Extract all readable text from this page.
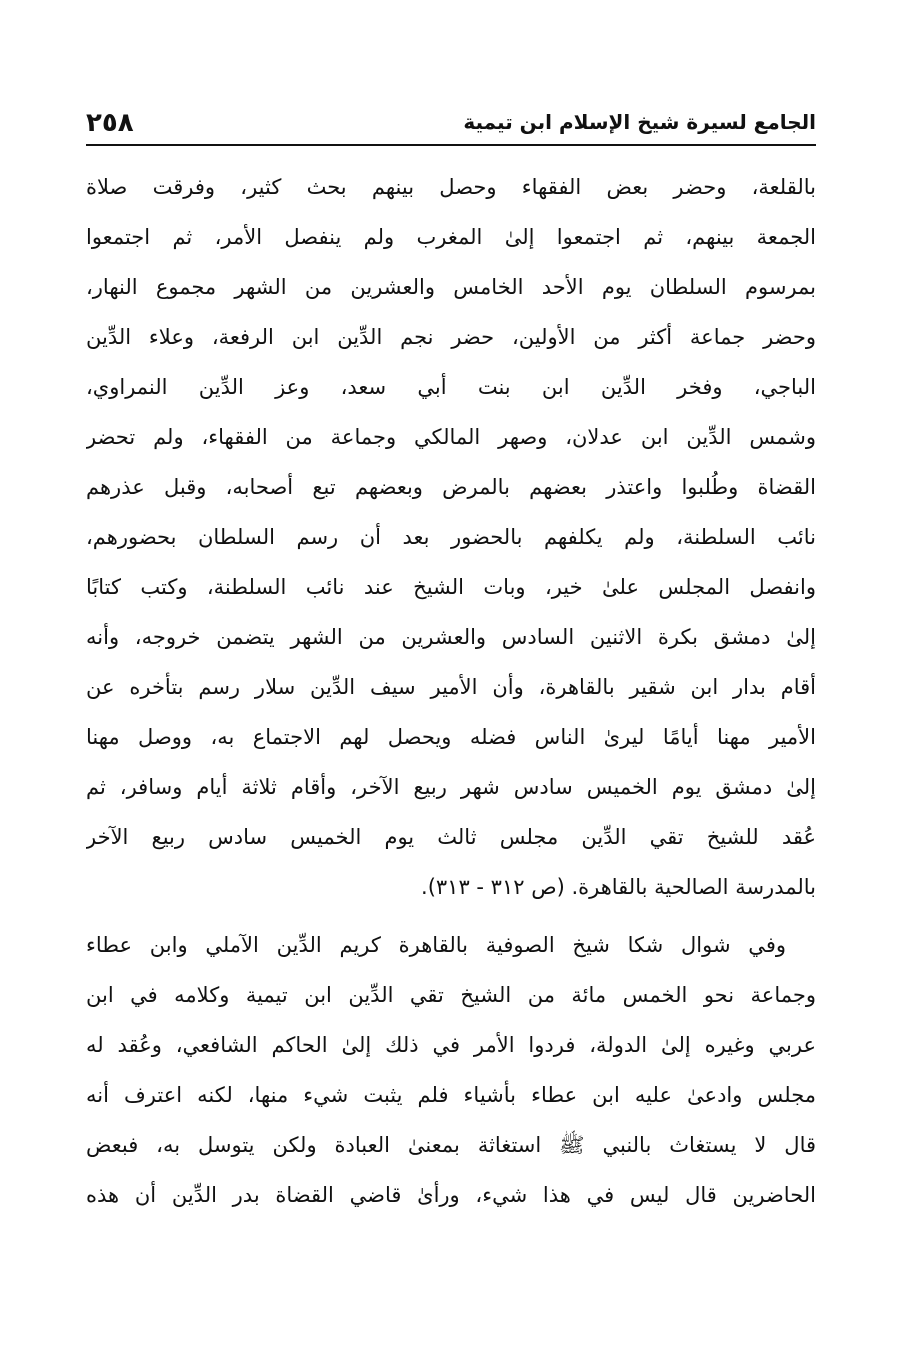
الجامع لسيرة شيخ الإسلام ابن تيمية
٢٥٨
بالقلعة، وحضر بعض الفقهاء وحصل بينهم بحث كثير، وفرقت صلاة
الجمعة بينهم، ثم اجتمعوا إلىٰ المغرب ولم ينفصل الأمر، ثم اجتمعوا
بمرسوم السلطان يوم الأحد الخامس والعشرين من الشهر مجموع النهار،
وحضر جماعة أكثر من الأولين، حضر نجم الدِّين ابن الرفعة، وعلاء الدِّين
الباجي، وفخر الدِّين ابن بنت أبي سعد، وعز الدِّين النمراوي،
وشمس الدِّين ابن عدلان، وصهر المالكي وجماعة من الفقهاء، ولم تحضر
القضاة وطُلبوا واعتذر بعضهم بالمرض وبعضهم تبع أصحابه، وقبل عذرهم
نائب السلطنة، ولم يكلفهم بالحضور بعد أن رسم السلطان بحضورهم،
وانفصل المجلس علىٰ خير، وبات الشيخ عند نائب السلطنة، وكتب كتابًا
إلىٰ دمشق بكرة الاثنين السادس والعشرين من الشهر يتضمن خروجه، وأنه
أقام بدار ابن شقير بالقاهرة، وأن الأمير سيف الدِّين سلار رسم بتأخره عن
الأمير مهنا أيامًا ليرىٰ الناس فضله ويحصل لهم الاجتماع به، ووصل مهنا
إلىٰ دمشق يوم الخميس سادس شهر ربيع الآخر، وأقام ثلاثة أيام وسافر، ثم
عُقد للشيخ تقي الدِّين مجلس ثالث يوم الخميس سادس ربيع الآخر
بالمدرسة الصالحية بالقاهرة. (ص ٣١٢ - ٣١٣).
وفي شوال شكا شيخ الصوفية بالقاهرة كريم الدِّين الآملي وابن عطاء
وجماعة نحو الخمس مائة من الشيخ تقي الدِّين ابن تيمية وكلامه في ابن
عربي وغيره إلىٰ الدولة، فردوا الأمر في ذلك إلىٰ الحاكم الشافعي، وعُقد له
مجلس وادعىٰ عليه ابن عطاء بأشياء فلم يثبت شيء منها، لكنه اعترف أنه
قال لا يستغاث بالنبي ﷺ استغاثة بمعنىٰ العبادة ولكن يتوسل به، فبعض
الحاضرين قال ليس في هذا شيء، ورأىٰ قاضي القضاة بدر الدِّين أن هذه
